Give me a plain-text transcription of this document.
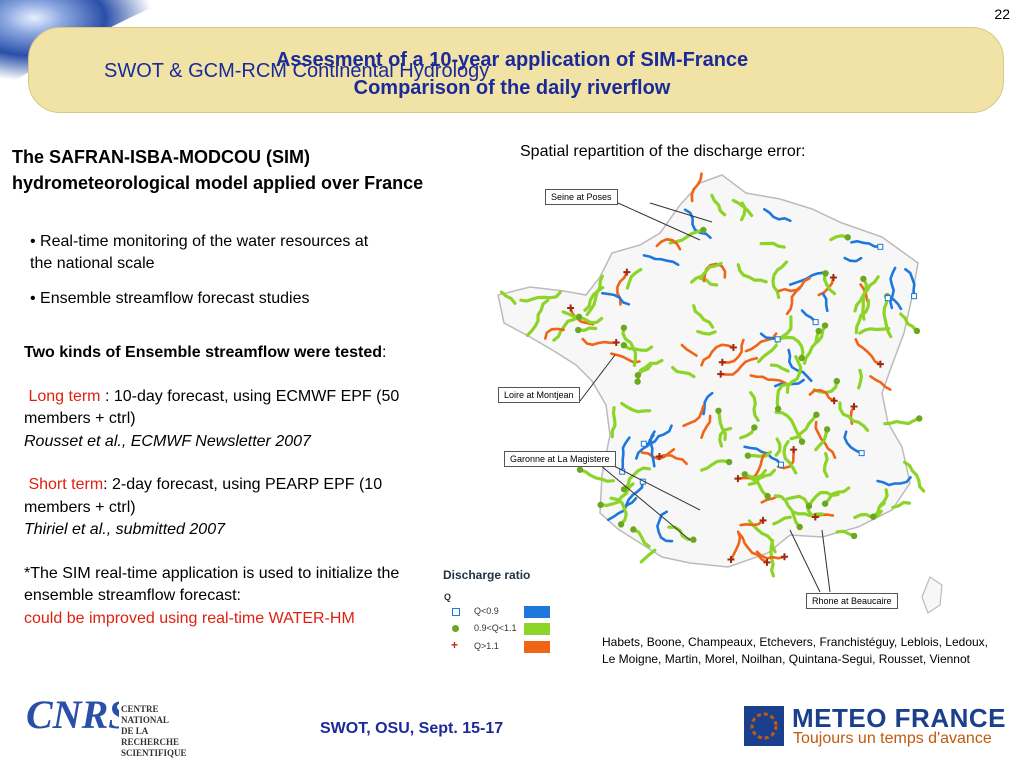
22
SWOT & GCM-RCM Continental Hydrology
Assesment of a 10-year application of SIM-France
Comparison of the daily riverflow
The SAFRAN-ISBA-MODCOU (SIM) hydrometeorological model applied over France

• Real-time monitoring of the water resources at the national scale

• Ensemble streamflow forecast studies

Two kinds of Ensemble streamflow were tested:

Long term : 10-day forecast, using ECMWF EPF (50 members + ctrl)

Rousset et al., ECMWF Newsletter 2007

Short term: 2-day forecast, using PEARP EPF (10 members + ctrl)

Thiriel et al., submitted 2007

*The SIM real-time application is used to initialize the ensemble streamflow forecast:

could be improved using real-time WATER-HM

Spatial repartition of the discharge error:
Seine at Poses
Loire at Montjean
Garonne at La Magistere
Rhone at Beaucaire
Discharge ratio
Q
Q<0.9
0.9<Q<1.1
+ Q>1.1	Habets, Boone, Champeaux, Etchevers, Franchistéguy, Leblois, Ledoux, Le Moigne, Martin, Morel, Noilhan, Quintana-Segui, Rousset, Viennot
SWOT, OSU, Sept. 15-17
CNR	CENTRE NATIONAL
DE LA RECHERCHE
SCIENTIFIQUE
METEO FRANCE
Toujours un temps d'avance
